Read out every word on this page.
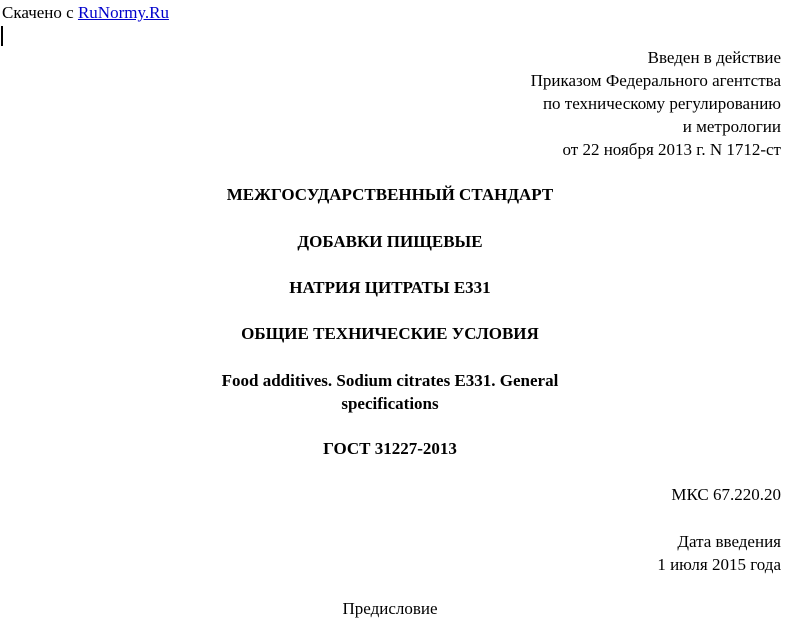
Скачено с RuNormy.Ru
Введен в действие
Приказом Федерального агентства
по техническому регулированию
и метрологии
от 22 ноября 2013 г. N 1712-ст
МЕЖГОСУДАРСТВЕННЫЙ СТАНДАРТ
ДОБАВКИ ПИЩЕВЫЕ
НАТРИЯ ЦИТРАТЫ Е331
ОБЩИЕ ТЕХНИЧЕСКИЕ УСЛОВИЯ
Food additives. Sodium citrates E331. General
specifications
ГОСТ 31227-2013
МКС 67.220.20
Дата введения
1 июля 2015 года
Предисловие
